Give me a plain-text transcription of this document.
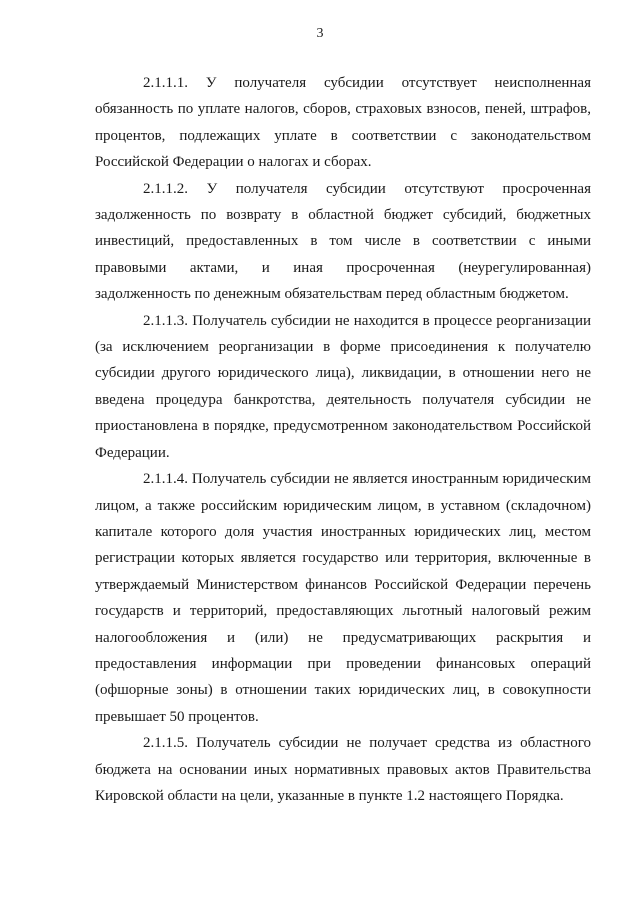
3

2.1.1.1. У получателя субсидии отсутствует неисполненная обязанность по уплате налогов, сборов, страховых взносов, пеней, штрафов, процентов, подлежащих уплате в соответствии с законодательством Российской Федерации о налогах и сборах.

2.1.1.2. У получателя субсидии отсутствуют просроченная задолженность по возврату в областной бюджет субсидий, бюджетных инвестиций, предоставленных в том числе в соответствии с иными правовыми актами, и иная просроченная (неурегулированная) задолженность по денежным обязательствам перед областным бюджетом.

2.1.1.3. Получатель субсидии не находится в процессе реорганизации (за исключением реорганизации в форме присоединения к получателю субсидии другого юридического лица), ликвидации, в отношении него не введена процедура банкротства, деятельность получателя субсидии не приостановлена в порядке, предусмотренном законодательством Российской Федерации.

2.1.1.4. Получатель субсидии не является иностранным юридическим лицом, а также российским юридическим лицом, в уставном (складочном) капитале которого доля участия иностранных юридических лиц, местом регистрации которых является государство или территория, включенные в утверждаемый Министерством финансов Российской Федерации перечень государств и территорий, предоставляющих льготный налоговый режим налогообложения и (или) не предусматривающих раскрытия и предоставления информации при проведении финансовых операций (офшорные зоны) в отношении таких юридических лиц, в совокупности превышает 50 процентов.

2.1.1.5. Получатель субсидии не получает средства из областного бюджета на основании иных нормативных правовых актов Правительства Кировской области на цели, указанные в пункте 1.2 настоящего Порядка.
